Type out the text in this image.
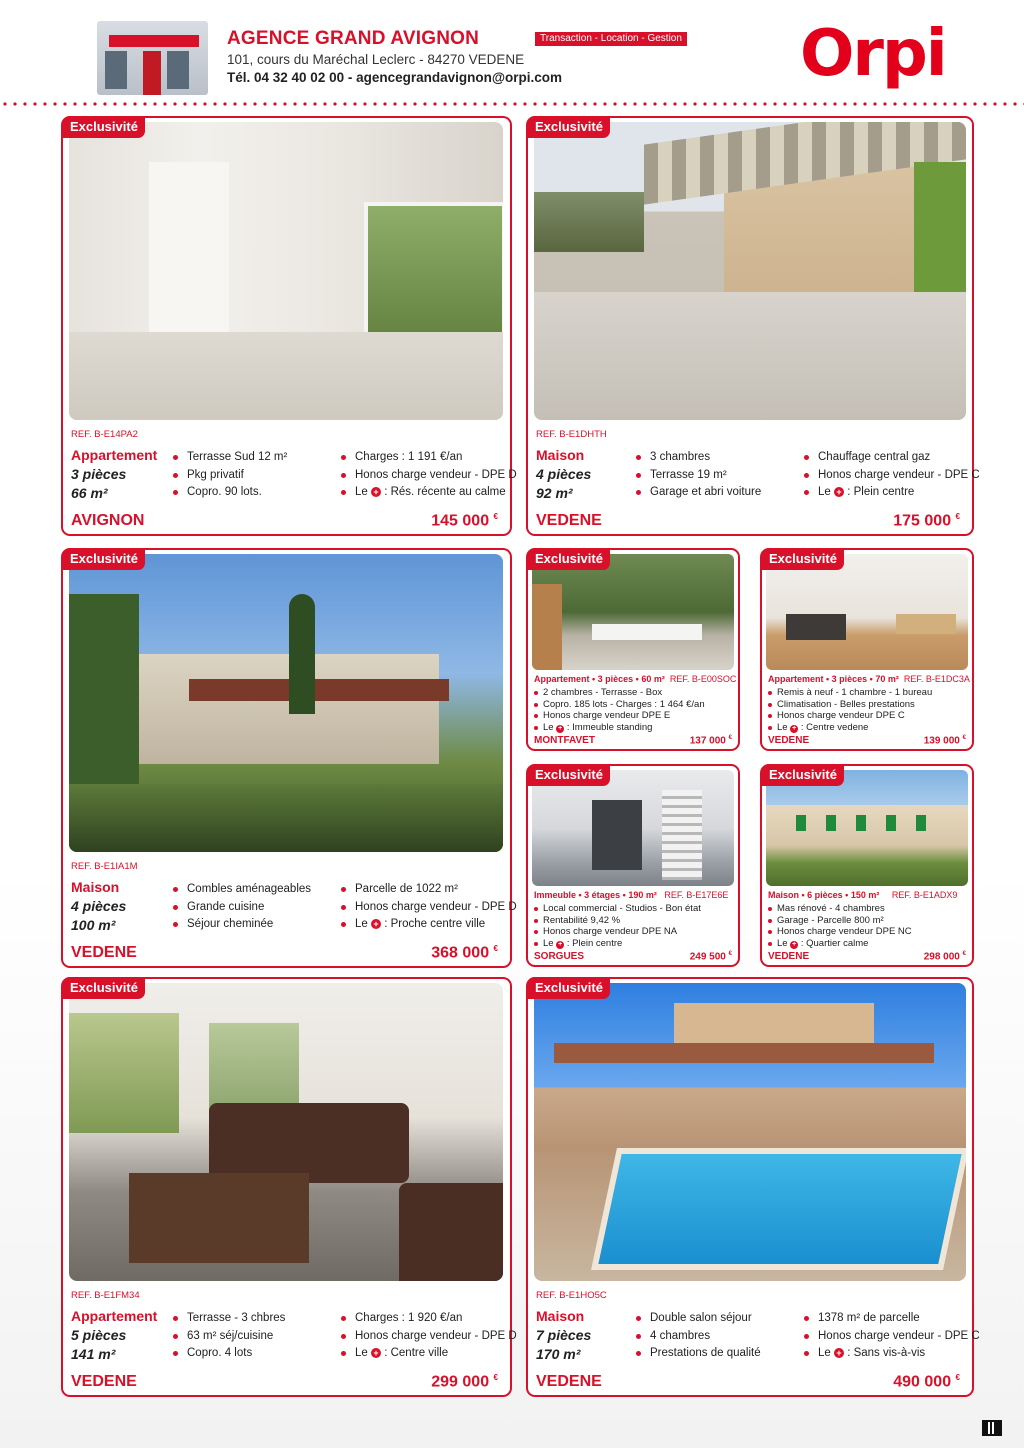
AGENCE GRAND AVIGNON
101, cours du Maréchal Leclerc - 84270 VEDENE
Tél. 04 32 40 02 00 - agencegrandavignon@orpi.com
Transaction - Location - Gestion Orpi
Exclusivité
REF. B-E14PA2
Appartement
3 pièces
66 m²
Terrasse Sud 12 m²
Pkg privatif
Copro. 90 lots.
Charges : 1 191 €/an
Honos charge vendeur - DPE D
Le + : Rés. récente au calme
AVIGNON	145 000 €
Exclusivité
REF. B-E1DHTH
Maison
4 pièces
92 m²
3 chambres
Terrasse 19 m²
Garage et abri voiture
Chauffage central gaz
Honos charge vendeur - DPE C
Le + : Plein centre
VEDENE	175 000 €
Exclusivité
REF. B-E1IA1M
Maison
4 pièces
100 m²
Combles aménageables
Grande cuisine
Séjour cheminée
Parcelle de 1022 m²
Honos charge vendeur - DPE D
Le + : Proche centre ville
VEDENE	368 000 €
Exclusivité
Appartement • 3 pièces • 60 m² REF. B-E00SOC
2 chambres - Terrasse - Box
Copro. 185 lots - Charges : 1 464 €/an
Honos charge vendeur DPE E
Le + : Immeuble standing
MONTFAVET	137 000 €
Exclusivité
Appartement • 3 pièces • 70 m² REF. B-E1DC3A
Remis à neuf - 1 chambre - 1 bureau
Climatisation - Belles prestations
Honos charge vendeur DPE C
Le + : Centre vedene
VEDENE	139 000 €
Exclusivité
Immeuble • 3 étages • 190 m² REF. B-E17E6E
Local commercial - Studios - Bon état
Rentabilité 9,42 %
Honos charge vendeur DPE NA
Le + : Plein centre
SORGUES	249 500 €
Exclusivité
Maison • 6 pièces • 150 m² REF. B-E1ADX9
Mas rénové - 4 chambres
Garage - Parcelle 800 m²
Honos charge vendeur DPE NC
Le + : Quartier calme
VEDENE	298 000 €
Exclusivité
REF. B-E1FM34
Appartement
5 pièces
141 m²
Terrasse - 3 chbres
63 m² séj/cuisine
Copro. 4 lots
Charges : 1 920 €/an
Honos charge vendeur - DPE D
Le + : Centre ville
VEDENE	299 000 €
Exclusivité
REF. B-E1HO5C
Maison
7 pièces
170 m²
Double salon séjour
4 chambres
Prestations de qualité
1378 m² de parcelle
Honos charge vendeur - DPE C
Le + : Sans vis-à-vis
VEDENE	490 000 €
